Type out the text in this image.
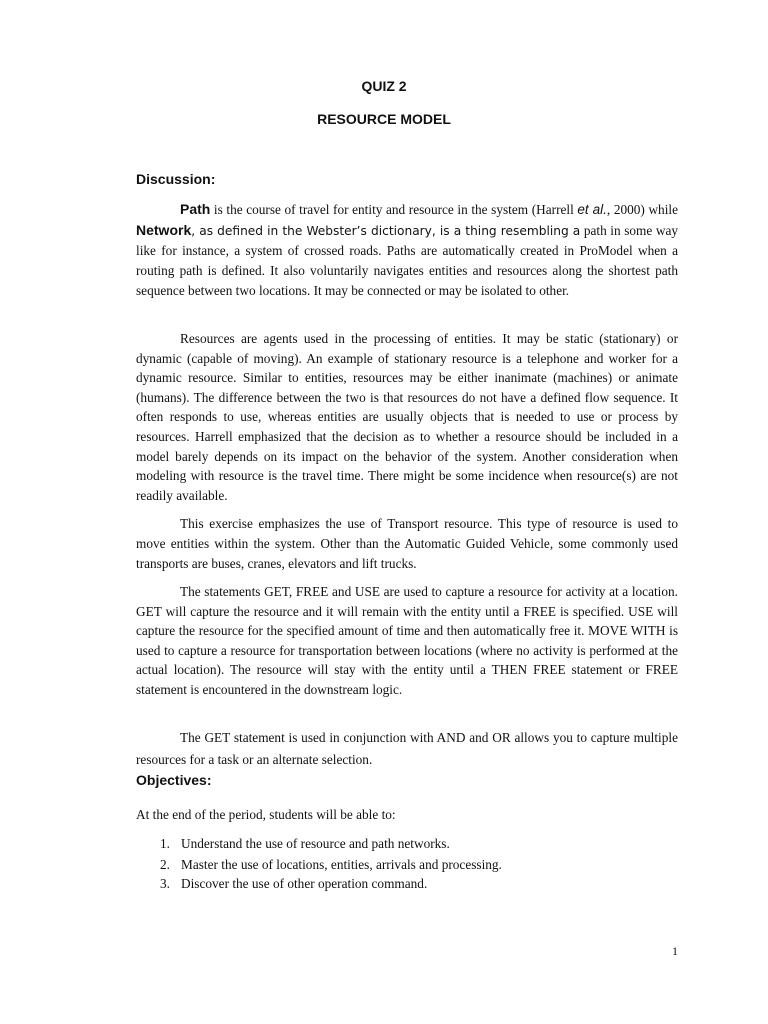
QUIZ 2
RESOURCE MODEL
Discussion:

Path is the course of travel for entity and resource in the system (Harrell et al., 2000) while Network, as defined in the Webster’s dictionary, is a thing resembling a path in some way like for instance, a system of crossed roads. Paths are automatically created in ProModel when a routing path is defined. It also voluntarily navigates entities and resources along the shortest path sequence between two locations. It may be connected or may be isolated to other.

Resources are agents used in the processing of entities. It may be static (stationary) or dynamic (capable of moving). An example of stationary resource is a telephone and worker for a dynamic resource. Similar to entities, resources may be either inanimate (machines) or animate (humans). The difference between the two is that resources do not have a defined flow sequence. It often responds to use, whereas entities are usually objects that is needed to use or process by resources. Harrell emphasized that the decision as to whether a resource should be included in a model barely depends on its impact on the behavior of the system. Another consideration when modeling with resource is the travel time. There might be some incidence when resource(s) are not readily available.

This exercise emphasizes the use of Transport resource. This type of resource is used to move entities within the system. Other than the Automatic Guided Vehicle, some commonly used transports are buses, cranes, elevators and lift trucks.

The statements GET, FREE and USE are used to capture a resource for activity at a location. GET will capture the resource and it will remain with the entity until a FREE is specified. USE will capture the resource for the specified amount of time and then automatically free it. MOVE WITH is used to capture a resource for transportation between locations (where no activity is performed at the actual location). The resource will stay with the entity until a THEN FREE statement or FREE statement is encountered in the downstream logic.

The GET statement is used in conjunction with AND and OR allows you to capture multiple resources for a task or an alternate selection.

Objectives:

At the end of the period, students will be able to:

1. Understand the use of resource and path networks.
2. Master the use of locations, entities, arrivals and processing.
3. Discover the use of other operation command.

1
